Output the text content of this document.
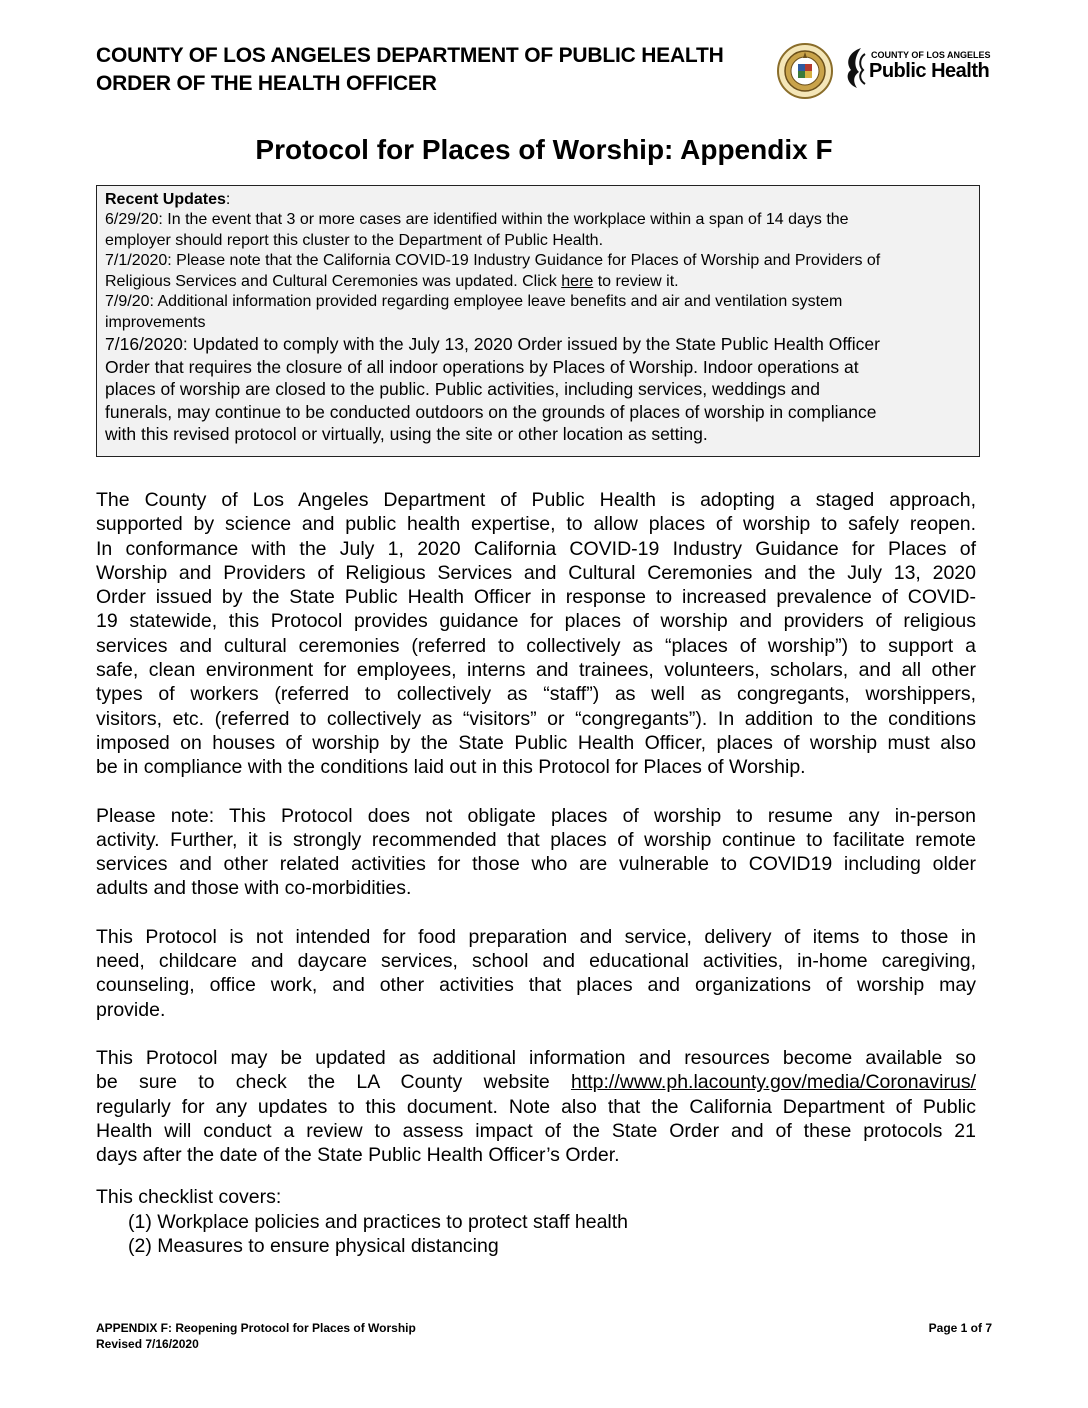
COUNTY OF LOS ANGELES DEPARTMENT OF PUBLIC HEALTH
ORDER OF THE HEALTH OFFICER
COUNTY OF LOS ANGELES
Public Health
Protocol for Places of Worship: Appendix F
Recent Updates:
6/29/20: In the event that 3 or more cases are identified within the workplace within a span of 14 days the
employer should report this cluster to the Department of Public Health.
7/1/2020: Please note that the California COVID-19 Industry Guidance for Places of Worship and Providers of
Religious Services and Cultural Ceremonies was updated. Click here to review it.
7/9/20: Additional information provided regarding employee leave benefits and air and ventilation system
improvements
7/16/2020: Updated to comply with the July 13, 2020 Order issued by the State Public Health Officer
Order that requires the closure of all indoor operations by Places of Worship. Indoor operations at
places of worship are closed to the public. Public activities, including services, weddings and
funerals, may continue to be conducted outdoors on the grounds of places of worship in compliance
with this revised protocol or virtually, using the site or other location as setting.
The County of Los Angeles Department of Public Health is adopting a staged approach,
supported by science and public health expertise, to allow places of worship to safely reopen.
In conformance with the July 1, 2020 California COVID-19 Industry Guidance for Places of
Worship and Providers of Religious Services and Cultural Ceremonies and the July 13, 2020
Order issued by the State Public Health Officer in response to increased prevalence of COVID-
19 statewide, this Protocol provides guidance for places of worship and providers of religious
services and cultural ceremonies (referred to collectively as “places of worship”) to support a
safe, clean environment for employees, interns and trainees, volunteers, scholars, and all other
types of workers (referred to collectively as “staff”) as well as congregants, worshippers,
visitors, etc. (referred to collectively as “visitors” or “congregants”). In addition to the conditions
imposed on houses of worship by the State Public Health Officer, places of worship must also
be in compliance with the conditions laid out in this Protocol for Places of Worship.
Please note: This Protocol does not obligate places of worship to resume any in-person
activity. Further, it is strongly recommended that places of worship continue to facilitate remote
services and other related activities for those who are vulnerable to COVID19 including older
adults and those with co-morbidities.
This Protocol is not intended for food preparation and service, delivery of items to those in
need, childcare and daycare services, school and educational activities, in-home caregiving,
counseling, office work, and other activities that places and organizations of worship may
provide.
This Protocol may be updated as additional information and resources become available so
be sure to check the LA County website http://www.ph.lacounty.gov/media/Coronavirus/
regularly for any updates to this document. Note also that the California Department of Public
Health will conduct a review to assess impact of the State Order and of these protocols 21
days after the date of the State Public Health Officer’s Order.
This checklist covers:
(1) Workplace policies and practices to protect staff health
(2) Measures to ensure physical distancing
APPENDIX F: Reopening Protocol for Places of Worship
Revised 7/16/2020
Page 1 of 7
